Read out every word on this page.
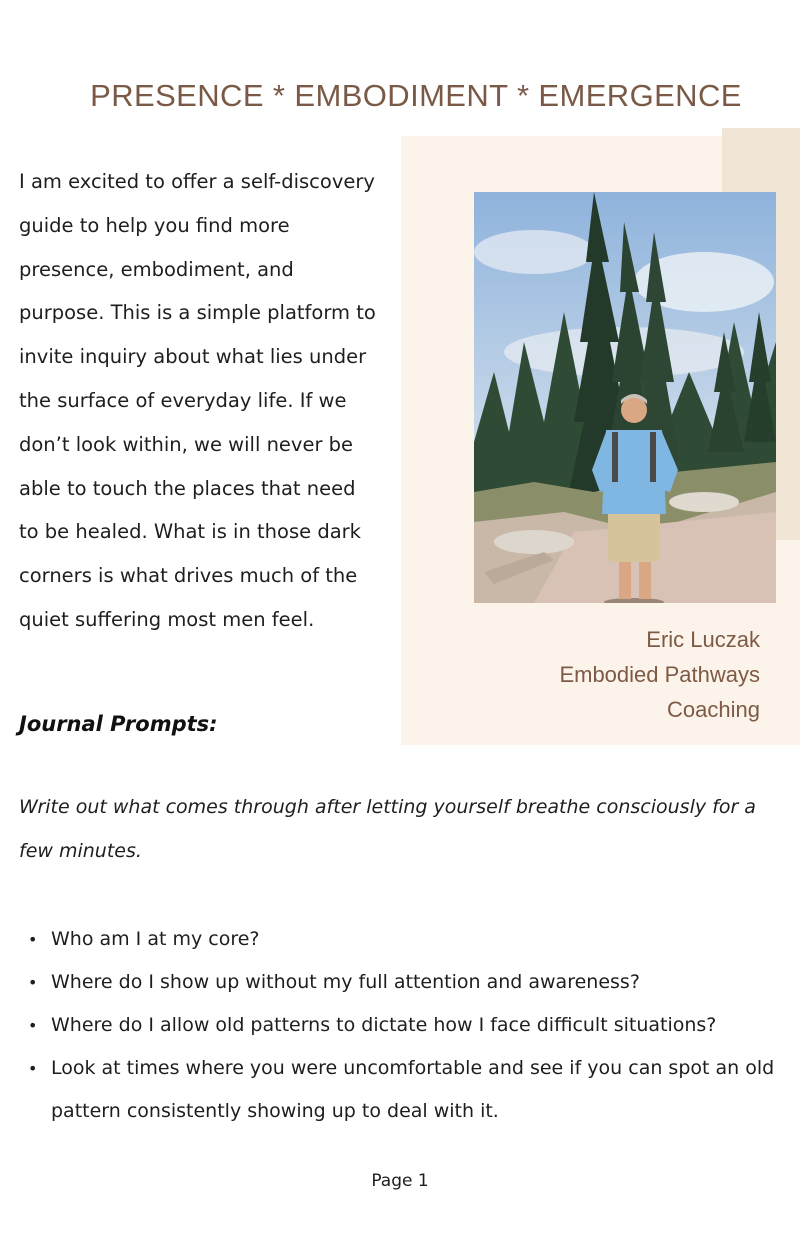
PRESENCE * EMBODIMENT * EMERGENCE

I am excited to offer a self-discovery guide to help you find more presence, embodiment, and purpose. This is a simple platform to invite inquiry about what lies under the surface of everyday life. If we don’t look within, we will never be able to touch the places that need to be healed. What is in those dark corners is what drives much of the quiet suffering most men feel.

Eric Luczak
Embodied Pathways
Coaching
Journal Prompts:

Write out what comes through after letting yourself breathe consciously for a few minutes.

• Who am I at my core?
• Where do I show up without my full attention and awareness?
• Where do I allow old patterns to dictate how I face difficult situations?
• Look at times where you were uncomfortable and see if you can spot an old pattern consistently showing up to deal with it.
Page 1
